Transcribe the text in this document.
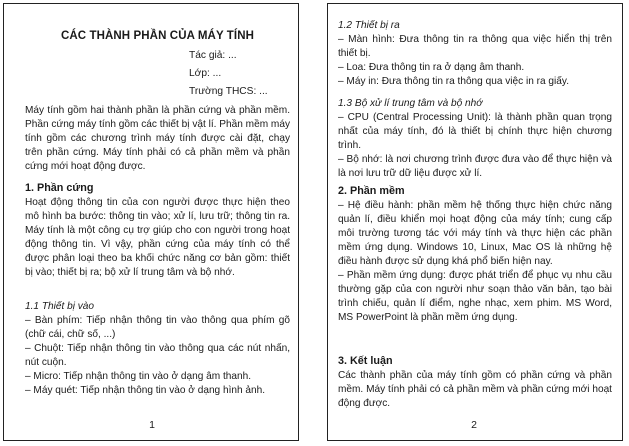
CÁC THÀNH PHẦN CỦA MÁY TÍNH
Tác giả: ...
Lớp: ...
Trường THCS: ...
Máy tính gồm hai thành phần là phần cứng và phần mềm. Phần cứng máy tính gồm các thiết bị vật lí. Phần mềm máy tính gồm các chương trình máy tính được cài đặt, chạy trên phần cứng. Máy tính phải có cả phần mềm và phần cứng mới hoạt động được.
1. Phần cứng
Hoạt động thông tin của con người được thực hiện theo mô hình ba bước: thông tin vào; xử lí, lưu trữ; thông tin ra. Máy tính là một công cụ trợ giúp cho con người trong hoạt động thông tin. Vì vậy, phần cứng của máy tính có thể được phân loại theo ba khối chức năng cơ bản gồm: thiết bị vào; thiết bị ra; bộ xử lí trung tâm và bộ nhớ.
1.1 Thiết bị vào
– Bàn phím: Tiếp nhận thông tin vào thông qua phím gõ (chữ cái, chữ số, ...)
– Chuột: Tiếp nhận thông tin vào thông qua các nút nhấn, nút cuộn.
– Micro: Tiếp nhận thông tin vào ở dạng âm thanh.
– Máy quét: Tiếp nhận thông tin vào ở dạng hình ảnh.
1
1.2 Thiết bị ra
– Màn hình: Đưa thông tin ra thông qua việc hiển thị trên thiết bị.
– Loa: Đưa thông tin ra ở dạng âm thanh.
– Máy in: Đưa thông tin ra thông qua việc in ra giấy.
1.3 Bộ xử lí trung tâm và bộ nhớ
– CPU (Central Processing Unit): là thành phần quan trọng nhất của máy tính, đó là thiết bị chính thực hiện chương trình.
– Bộ nhớ: là nơi chương trình được đưa vào để thực hiện và là nơi lưu trữ dữ liệu được xử lí.
2. Phần mềm
– Hệ điều hành: phần mềm hệ thống thực hiện chức năng quản lí, điều khiển mọi hoạt động của máy tính; cung cấp môi trường tương tác với máy tính và thực hiện các phần mềm ứng dụng. Windows 10, Linux, Mac OS là những hệ điều hành được sử dụng khá phổ biến hiện nay.
– Phần mềm ứng dụng: được phát triển để phục vụ nhu cầu thường gặp của con người như soạn thảo văn bản, tạo bài trình chiếu, quản lí điểm, nghe nhạc, xem phim. MS Word, MS PowerPoint là phần mềm ứng dụng.
3. Kết luận
Các thành phần của máy tính gồm có phần cứng và phần mềm. Máy tính phải có cả phần mềm và phần cứng mới hoạt động được.
2
